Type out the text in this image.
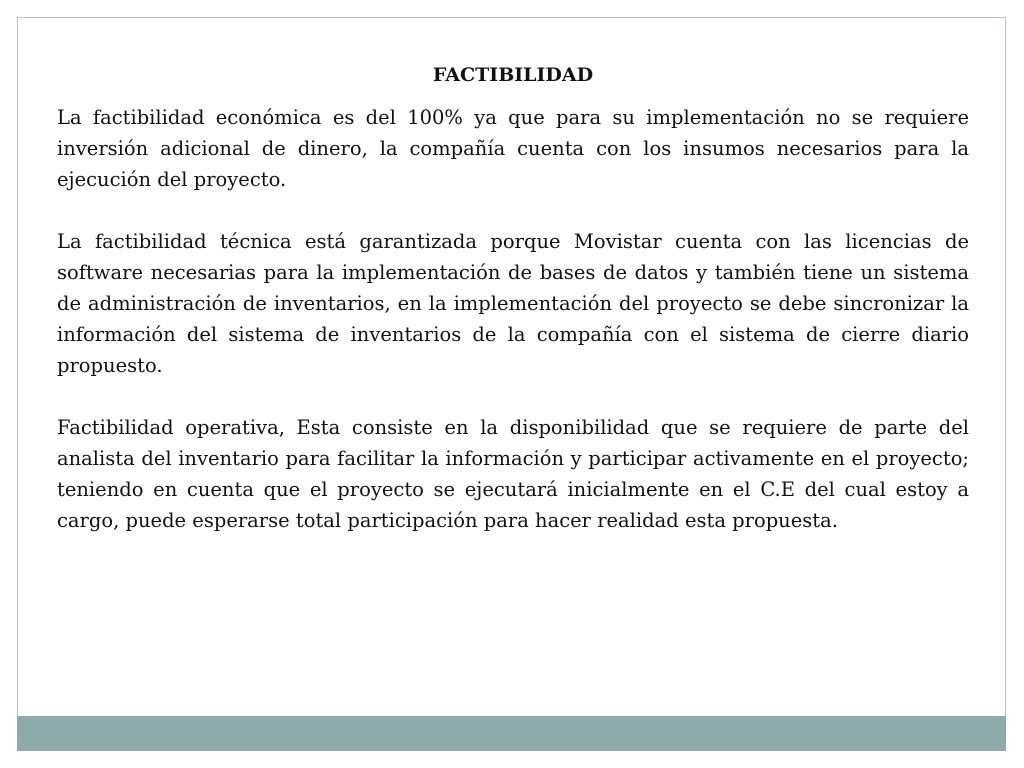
FACTIBILIDAD

La factibilidad económica es del 100% ya que para su implementación no se requiere inversión adicional de dinero, la compañía cuenta con los insumos necesarios para la ejecución del proyecto.

La factibilidad técnica está garantizada porque Movistar cuenta con las licencias de software necesarias para la implementación de bases de datos y también tiene un sistema de administración de inventarios, en la implementación del proyecto se debe sincronizar la información del sistema de inventarios de la compañía con el sistema de cierre diario propuesto.

Factibilidad operativa, Esta consiste en la disponibilidad que se requiere de parte del analista del inventario para facilitar la información y participar activamente en el proyecto; teniendo en cuenta que el proyecto se ejecutará inicialmente en el C.E del cual estoy a cargo, puede esperarse total participación para hacer realidad esta propuesta.
